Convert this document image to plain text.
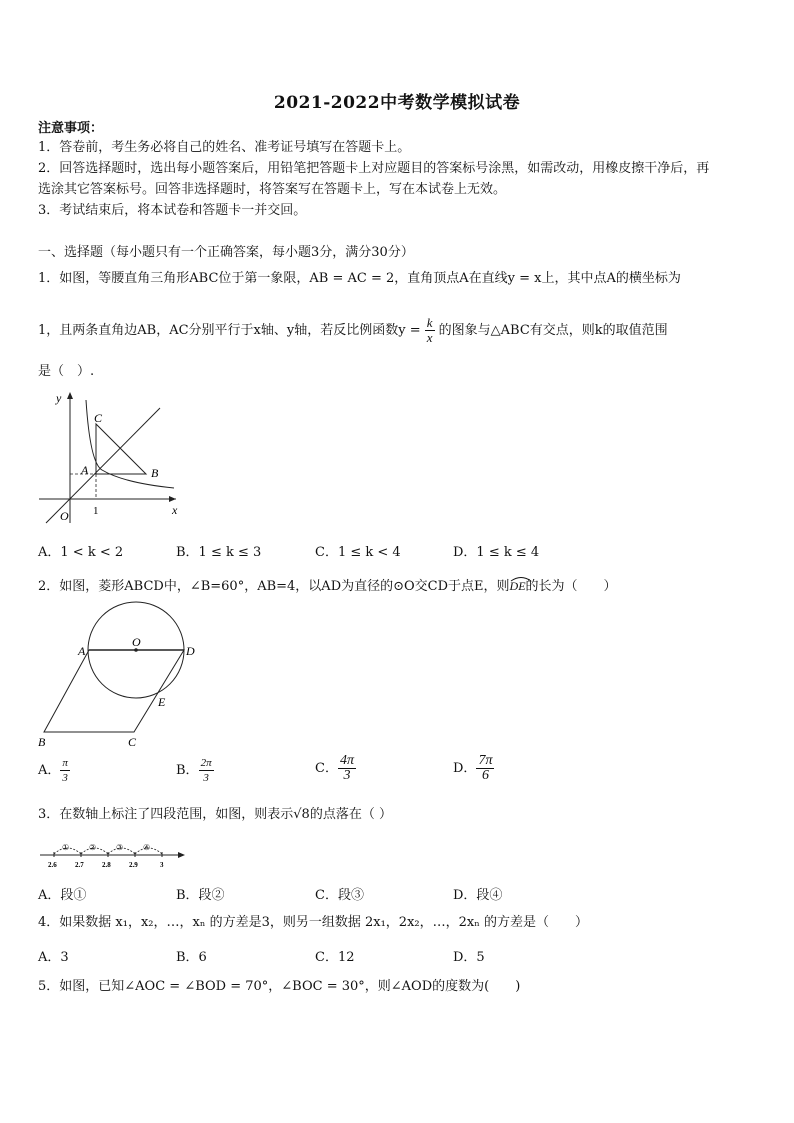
2021-2022中考数学模拟试卷
注意事项：
1．答卷前，考生务必将自己的姓名、准考证号填写在答题卡上。
2．回答选择题时，选出每小题答案后，用铅笔把答题卡上对应题目的答案标号涂黑，如需改动，用橡皮擦干净后，再
选涂其它答案标号。回答非选择题时，将答案写在答题卡上，写在本试卷上无效。
3．考试结束后，将本试卷和答题卡一并交回。
一、选择题（每小题只有一个正确答案，每小题3分，满分30分）
1．如图，等腰直角三角形ABC位于第一象限，AB = AC = 2，直角顶点A在直线y = x上，其中点A的横坐标为
1，且两条直角边AB，AC分别平行于x轴、y轴，若反比例函数$y = \frac{k}{x}$ 的图象与△ABC有交点，则k的取值范围
是（　）.
y
x
O 1
A	B
C
A．1 < k < 2	B．1 ≤ k ≤ 3	C．1 ≤ k < 4	D．1 ≤ k ≤ 4
2．如图，菱形ABCD中，∠B=60°，AB=4，以AD为直径的⊙O交CD于点E，则
DE的长为（　　）
O
A	D
E
B	C
A． $\frac{\pi}{3}$	B． $\frac{2\pi}{3}$	C． $\frac{4\pi}{3}$	D． $\frac{7\pi}{6}$
3．在数轴上标注了四段范围，如图，则表示√8的点落在（ ）
① ② ③ ④
2.6	2.7	2.8	2.9	3
A．段①	B．段②	C．段③	D．段④
4．如果数据 x₁，x₂，…，xₙ 的方差是3，则另一组数据 2x₁，2x₂，…，2xₙ 的方差是（　　）
A．3	B．6	C．12	D．5
5．如图，已知∠AOC = ∠BOD = 70°，∠BOC = 30°，则∠AOD的度数为(　　)
